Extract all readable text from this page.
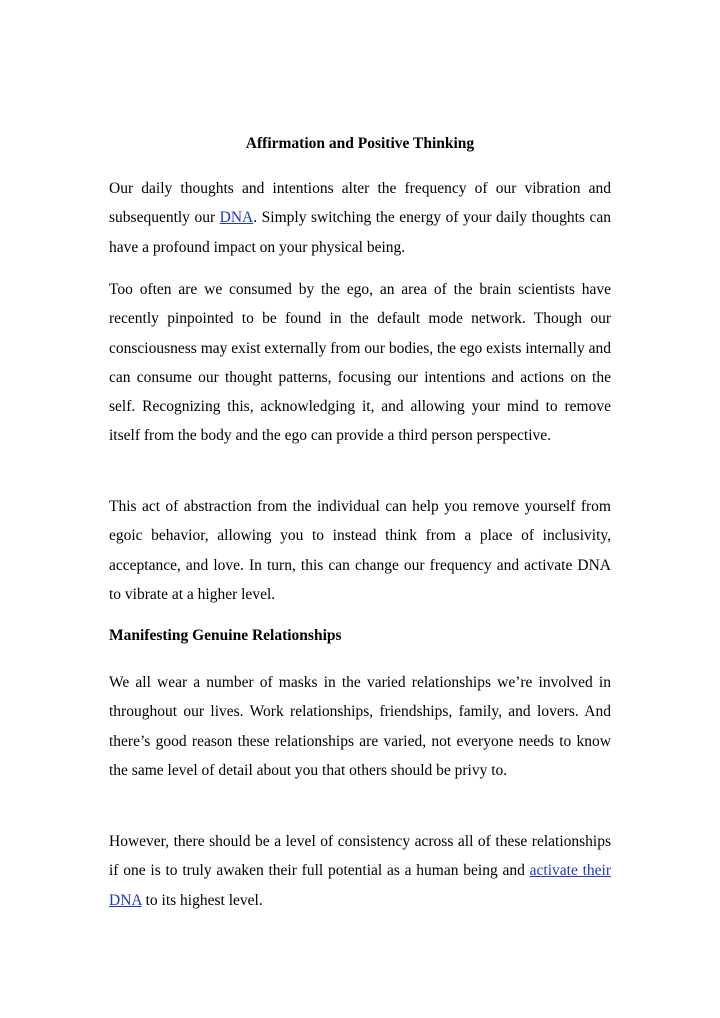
Affirmation and Positive Thinking

Our daily thoughts and intentions alter the frequency of our vibration and subsequently our DNA. Simply switching the energy of your daily thoughts can have a profound impact on your physical being.

Too often are we consumed by the ego, an area of the brain scientists have recently pinpointed to be found in the default mode network. Though our consciousness may exist externally from our bodies, the ego exists internally and can consume our thought patterns, focusing our intentions and actions on the self. Recognizing this, acknowledging it, and allowing your mind to remove itself from the body and the ego can provide a third person perspective.

This act of abstraction from the individual can help you remove yourself from egoic behavior, allowing you to instead think from a place of inclusivity, acceptance, and love. In turn, this can change our frequency and activate DNA to vibrate at a higher level.

Manifesting Genuine Relationships

We all wear a number of masks in the varied relationships we’re involved in throughout our lives. Work relationships, friendships, family, and lovers. And there’s good reason these relationships are varied, not everyone needs to know the same level of detail about you that others should be privy to.

However, there should be a level of consistency across all of these relationships if one is to truly awaken their full potential as a human being and activate their DNA to its highest level.
